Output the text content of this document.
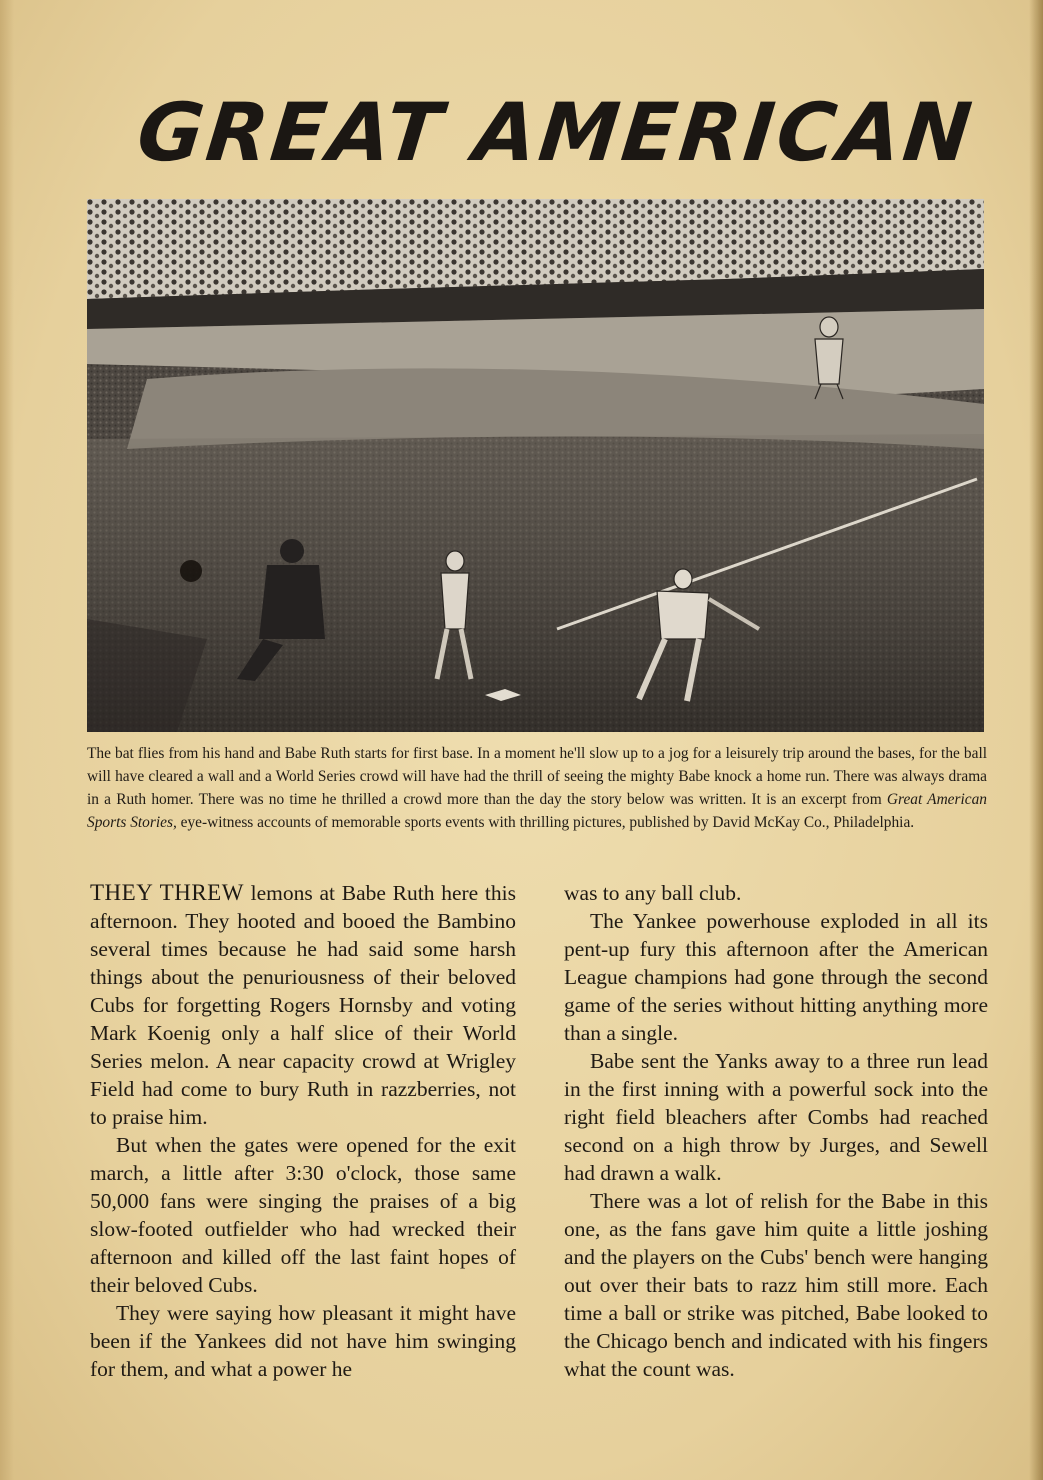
GREAT AMERICAN

The bat flies from his hand and Babe Ruth starts for first base. In a moment he'll slow up to a jog for a leisurely trip around the bases, for the ball will have cleared a wall and a World Series crowd will have had the thrill of seeing the mighty Babe knock a home run. There was always drama in a Ruth homer. There was no time he thrilled a crowd more than the day the story below was written. It is an excerpt from Great American Sports Stories, eye-witness accounts of memorable sports events with thrilling pictures, published by David McKay Co., Philadelphia.

THEY THREW lemons at Babe Ruth here this afternoon. They hooted and booed the Bambino several times because he had said some harsh things about the penuriousness of their beloved Cubs for forgetting Rogers Hornsby and voting Mark Koenig only a half slice of their World Series melon. A near capacity crowd at Wrigley Field had come to bury Ruth in razzberries, not to praise him.

But when the gates were opened for the exit march, a little after 3:30 o'clock, those same 50,000 fans were singing the praises of a big slow-footed outfielder who had wrecked their afternoon and killed off the last faint hopes of their beloved Cubs.

They were saying how pleasant it might have been if the Yankees did not have him swinging for them, and what a power he

was to any ball club.

The Yankee powerhouse exploded in all its pent-up fury this afternoon after the American League champions had gone through the second game of the series without hitting anything more than a single.

Babe sent the Yanks away to a three run lead in the first inning with a powerful sock into the right field bleachers after Combs had reached second on a high throw by Jurges, and Sewell had drawn a walk.

There was a lot of relish for the Babe in this one, as the fans gave him quite a little joshing and the players on the Cubs' bench were hanging out over their bats to razz him still more. Each time a ball or strike was pitched, Babe looked to the Chicago bench and indicated with his fingers what the count was.
